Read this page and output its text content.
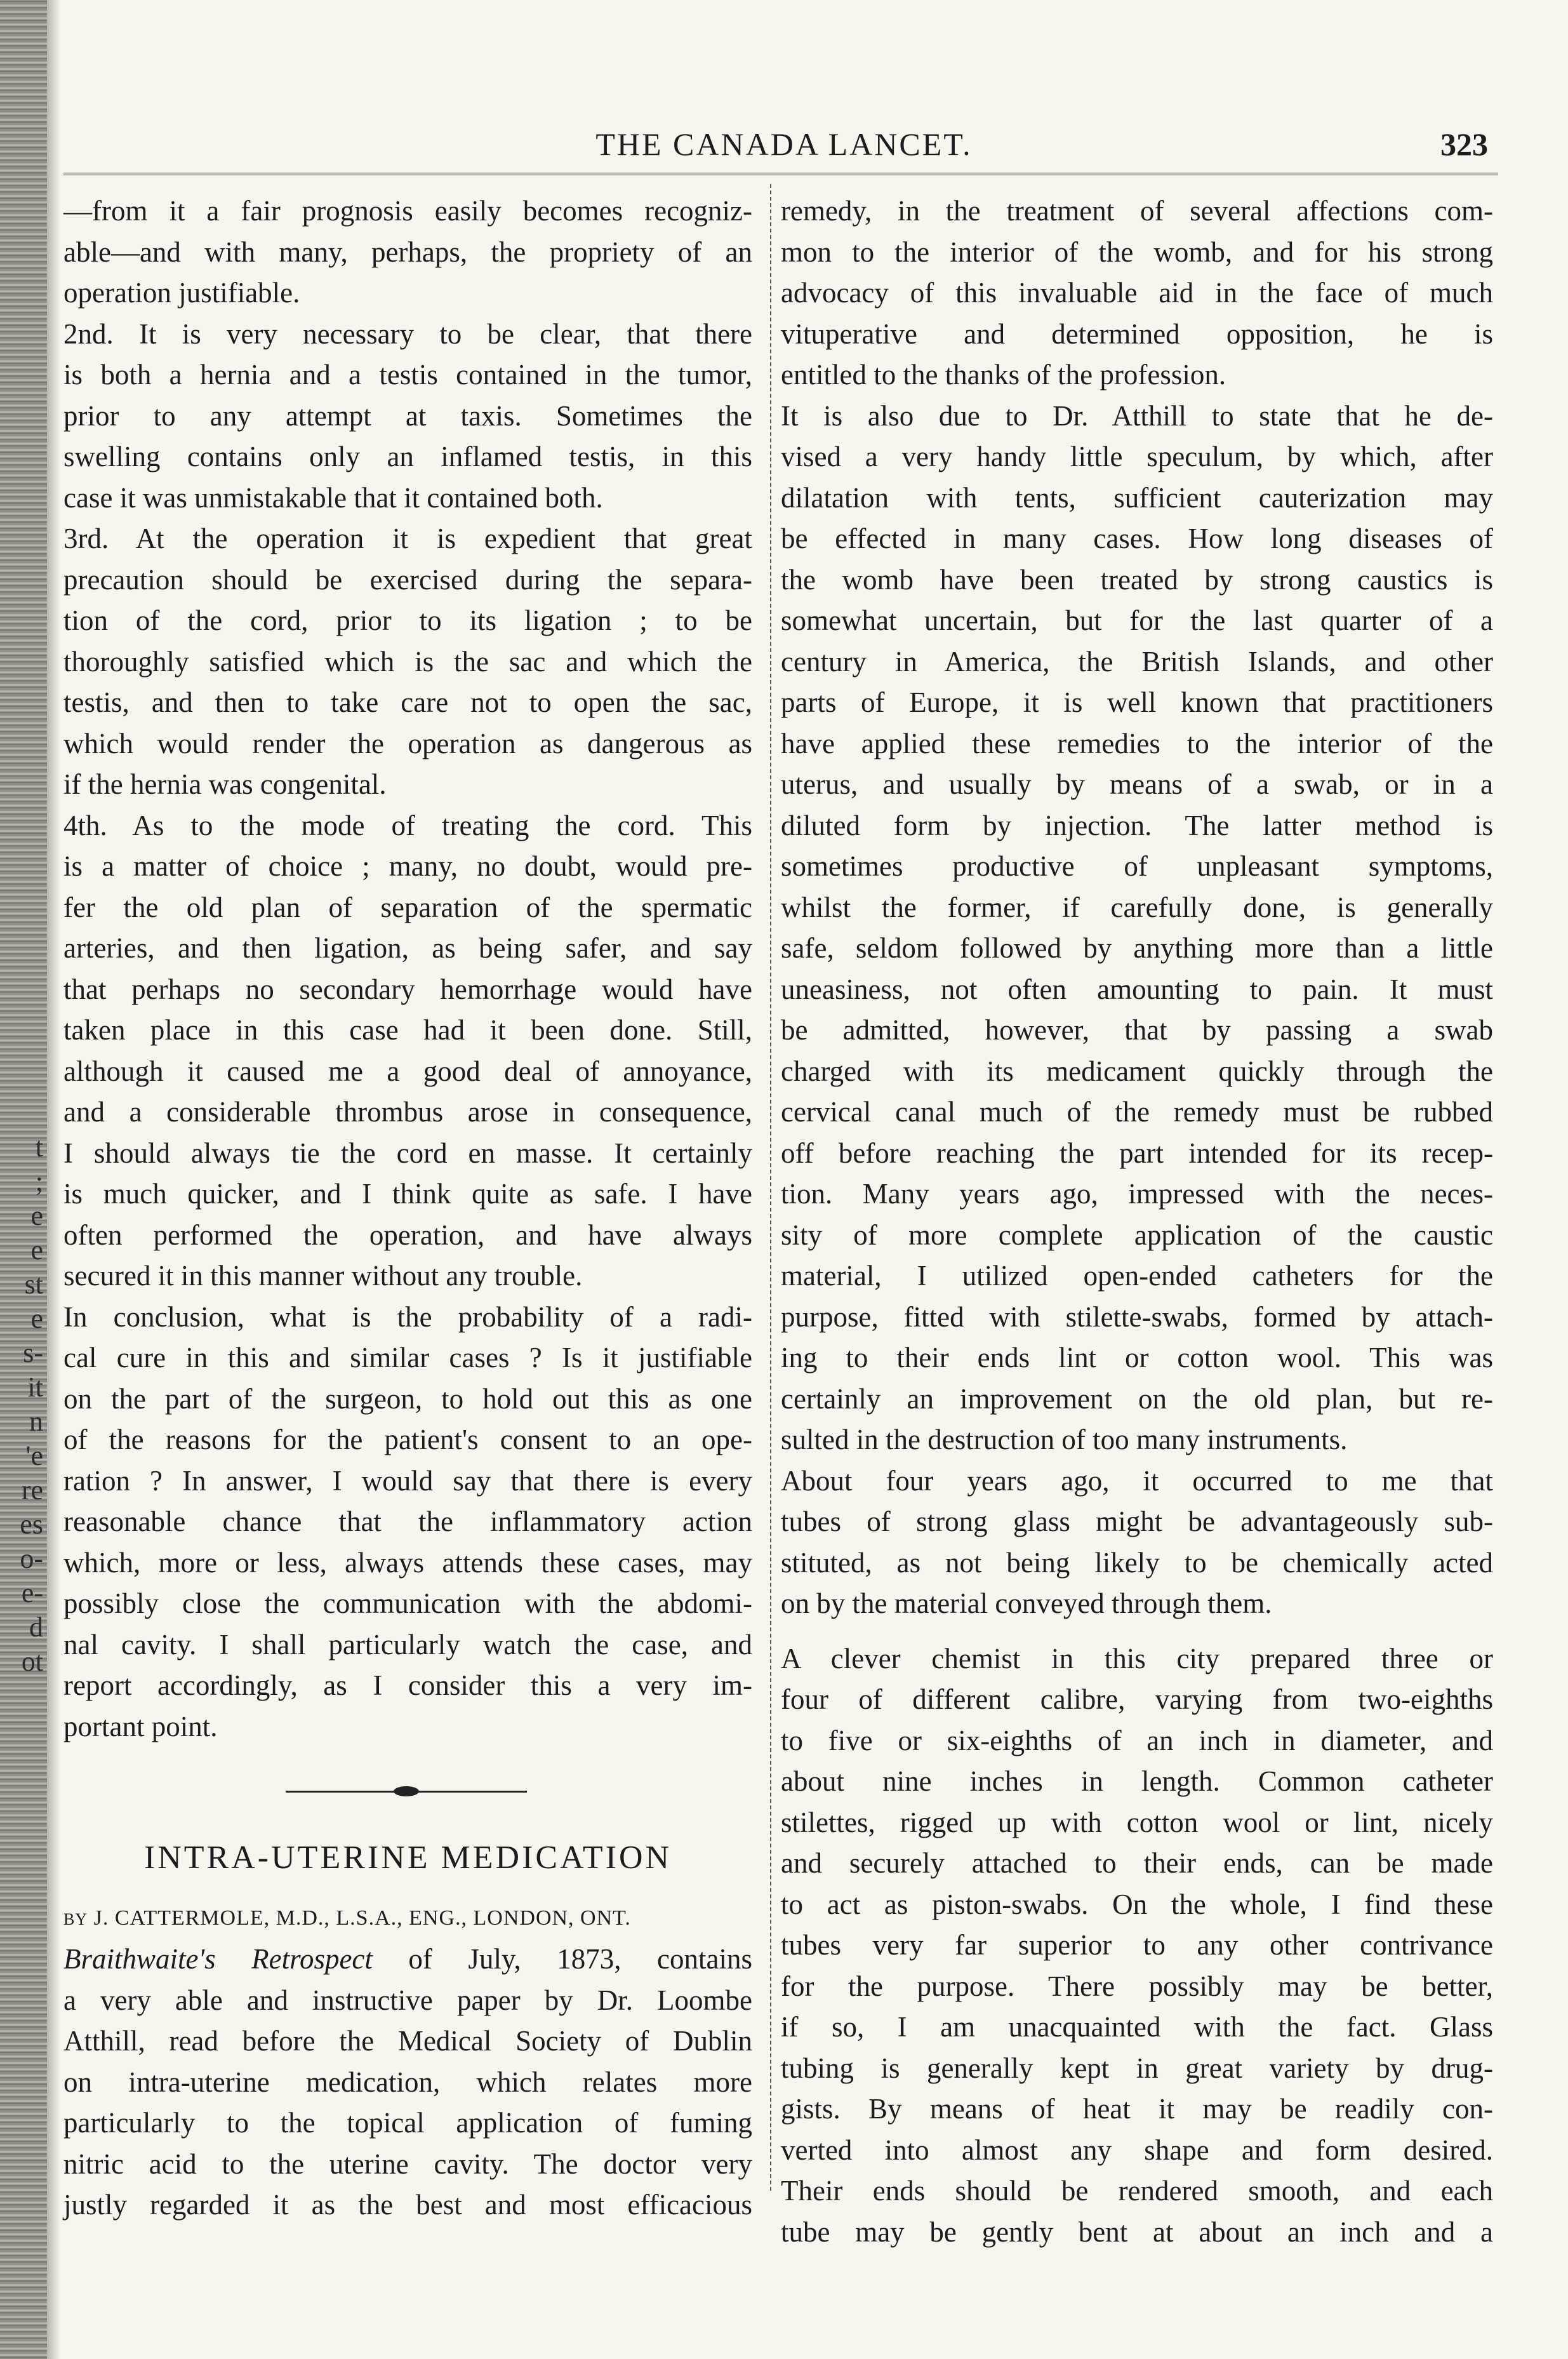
t
;
e
e
st
e
s-
it
n
'e
re
es
o-
e-
d
ot
THE CANADA LANCET.	323
—from it a fair prognosis easily becomes recogniz-
able—and with many, perhaps, the propriety of an
operation justifiable.
2nd. It is very necessary to be clear, that there
is both a hernia and a testis contained in the tumor,
prior to any attempt at taxis. Sometimes the
swelling contains only an inflamed testis, in this
case it was unmistakable that it contained both.
3rd. At the operation it is expedient that great
precaution should be exercised during the separa-
tion of the cord, prior to its ligation ; to be
thoroughly satisfied which is the sac and which the
testis, and then to take care not to open the sac,
which would render the operation as dangerous as
if the hernia was congenital.
4th. As to the mode of treating the cord. This
is a matter of choice ; many, no doubt, would pre-
fer the old plan of separation of the spermatic
arteries, and then ligation, as being safer, and say
that perhaps no secondary hemorrhage would have
taken place in this case had it been done. Still,
although it caused me a good deal of annoyance,
and a considerable thrombus arose in consequence,
I should always tie the cord en masse. It certainly
is much quicker, and I think quite as safe. I have
often performed the operation, and have always
secured it in this manner without any trouble.
In conclusion, what is the probability of a radi-
cal cure in this and similar cases ? Is it justifiable
on the part of the surgeon, to hold out this as one
of the reasons for the patient's consent to an ope-
ration ? In answer, I would say that there is every
reasonable chance that the inflammatory action
which, more or less, always attends these cases, may
possibly close the communication with the abdomi-
nal cavity. I shall particularly watch the case, and
report accordingly, as I consider this a very im-
portant point.
INTRA-UTERINE MEDICATION
BY J. CATTERMOLE, M.D., L.S.A., ENG., LONDON, ONT.
Braithwaite's Retrospect of July, 1873, contains
a very able and instructive paper by Dr. Loombe
Atthill, read before the Medical Society of Dublin
on intra-uterine medication, which relates more
particularly to the topical application of fuming
nitric acid to the uterine cavity. The doctor very
justly regarded it as the best and most efficacious
remedy, in the treatment of several affections com-
mon to the interior of the womb, and for his strong
advocacy of this invaluable aid in the face of much
vituperative and determined opposition, he is
entitled to the thanks of the profession.
It is also due to Dr. Atthill to state that he de-
vised a very handy little speculum, by which, after
dilatation with tents, sufficient cauterization may
be effected in many cases. How long diseases of
the womb have been treated by strong caustics is
somewhat uncertain, but for the last quarter of a
century in America, the British Islands, and other
parts of Europe, it is well known that practitioners
have applied these remedies to the interior of the
uterus, and usually by means of a swab, or in a
diluted form by injection. The latter method is
sometimes productive of unpleasant symptoms,
whilst the former, if carefully done, is generally
safe, seldom followed by anything more than a little
uneasiness, not often amounting to pain. It must
be admitted, however, that by passing a swab
charged with its medicament quickly through the
cervical canal much of the remedy must be rubbed
off before reaching the part intended for its recep-
tion. Many years ago, impressed with the neces-
sity of more complete application of the caustic
material, I utilized open-ended catheters for the
purpose, fitted with stilette-swabs, formed by attach-
ing to their ends lint or cotton wool. This was
certainly an improvement on the old plan, but re-
sulted in the destruction of too many instruments.
About four years ago, it occurred to me that
tubes of strong glass might be advantageously sub-
stituted, as not being likely to be chemically acted
on by the material conveyed through them.
A clever chemist in this city prepared three or
four of different calibre, varying from two-eighths
to five or six-eighths of an inch in diameter, and
about nine inches in length. Common catheter
stilettes, rigged up with cotton wool or lint, nicely
and securely attached to their ends, can be made
to act as piston-swabs. On the whole, I find these
tubes very far superior to any other contrivance
for the purpose. There possibly may be better,
if so, I am unacquainted with the fact. Glass
tubing is generally kept in great variety by drug-
gists. By means of heat it may be readily con-
verted into almost any shape and form desired.
Their ends should be rendered smooth, and each
tube may be gently bent at about an inch and a
